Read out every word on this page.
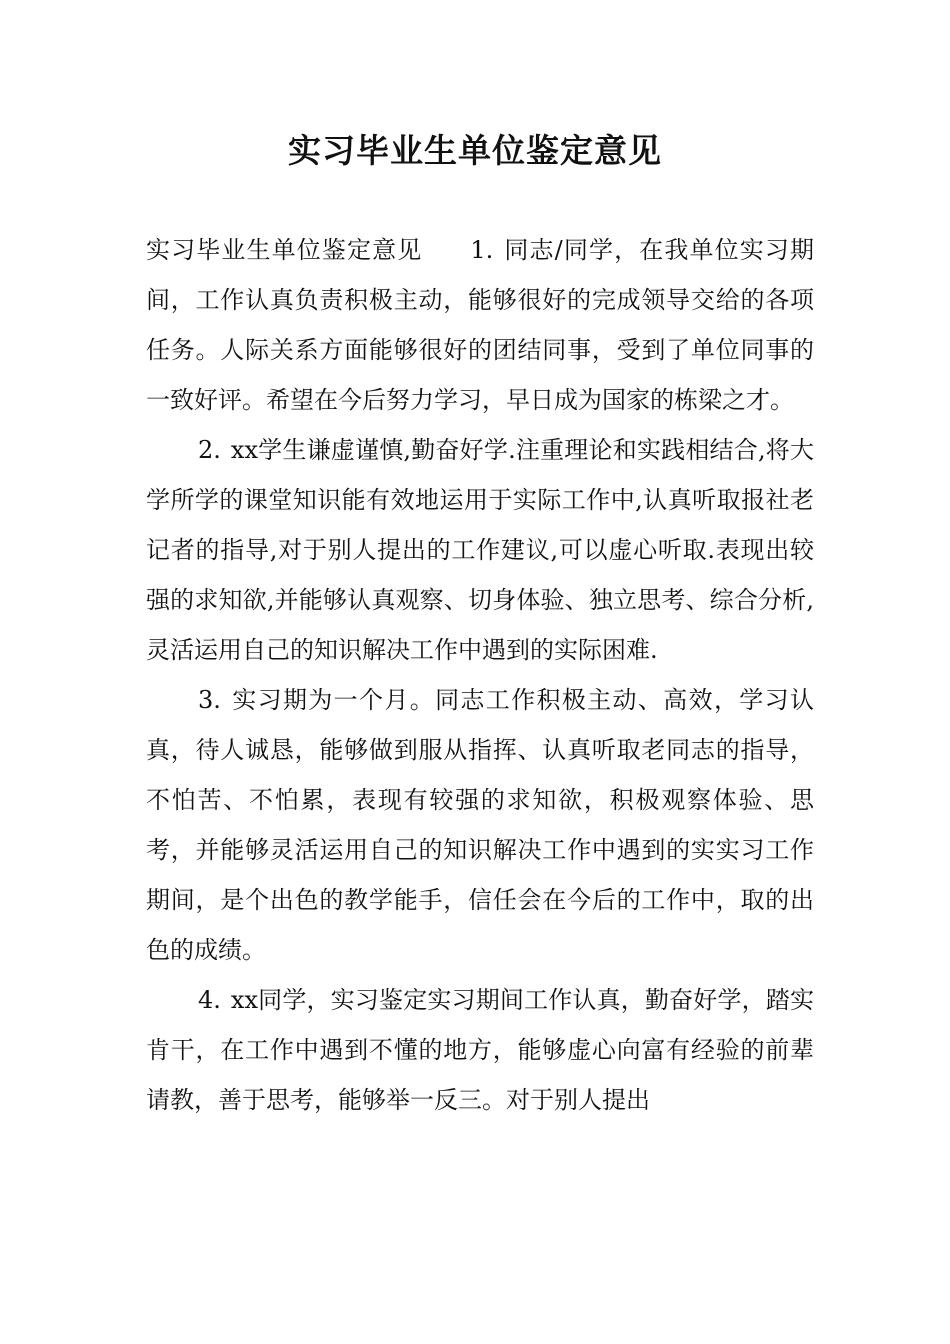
实习毕业生单位鉴定意见

实习毕业生单位鉴定意见 1. 同志/同学，在我单位实习期间，工作认真负责积极主动，能够很好的完成领导交给的各项任务。人际关系方面能够很好的团结同事，受到了单位同事的一致好评。希望在今后努力学习，早日成为国家的栋梁之才。

2. xx学生谦虚谨慎,勤奋好学.注重理论和实践相结合,将大学所学的课堂知识能有效地运用于实际工作中,认真听取报社老记者的指导,对于别人提出的工作建议,可以虚心听取.表现出较强的求知欲,并能够认真观察、切身体验、独立思考、综合分析,灵活运用自己的知识解决工作中遇到的实际困难.

3. 实习期为一个月。同志工作积极主动、高效，学习认真，待人诚恳，能够做到服从指挥、认真听取老同志的指导，不怕苦、不怕累，表现有较强的求知欲，积极观察体验、思考，并能够灵活运用自己的知识解决工作中遇到的实实习工作期间，是个出色的教学能手，信任会在今后的工作中，取的出色的成绩。

4. xx同学，实习鉴定实习期间工作认真，勤奋好学，踏实肯干，在工作中遇到不懂的地方，能够虚心向富有经验的前辈请教，善于思考，能够举一反三。对于别人提出
